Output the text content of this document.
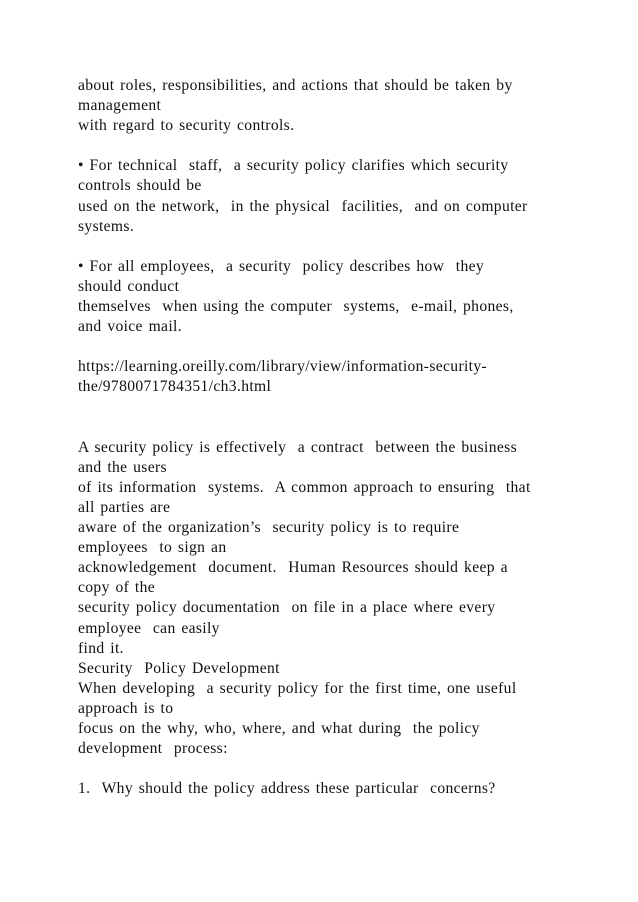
about roles, responsibilities, and actions that should be taken by
management
with regard to security controls.
• For technical  staff,  a security policy clarifies which security
controls should be
used on the network,  in the physical  facilities,  and on computer
systems.
• For all employees,  a security  policy describes how  they
should conduct
themselves  when using the computer  systems,  e-mail, phones,
and voice mail.
https://learning.oreilly.com/library/view/information-security-
the/9780071784351/ch3.html
A security policy is effectively  a contract  between the business
and the users
of its information  systems.  A common approach to ensuring  that
all parties are
aware of the organization’s  security policy is to require
employees  to sign an
acknowledgement  document.  Human Resources should keep a
copy of the
security policy documentation  on file in a place where every
employee  can easily
find it.
Security  Policy Development
When developing  a security policy for the first time, one useful
approach is to
focus on the why, who, where, and what during  the policy
development  process:
1.  Why should the policy address these particular  concerns?
